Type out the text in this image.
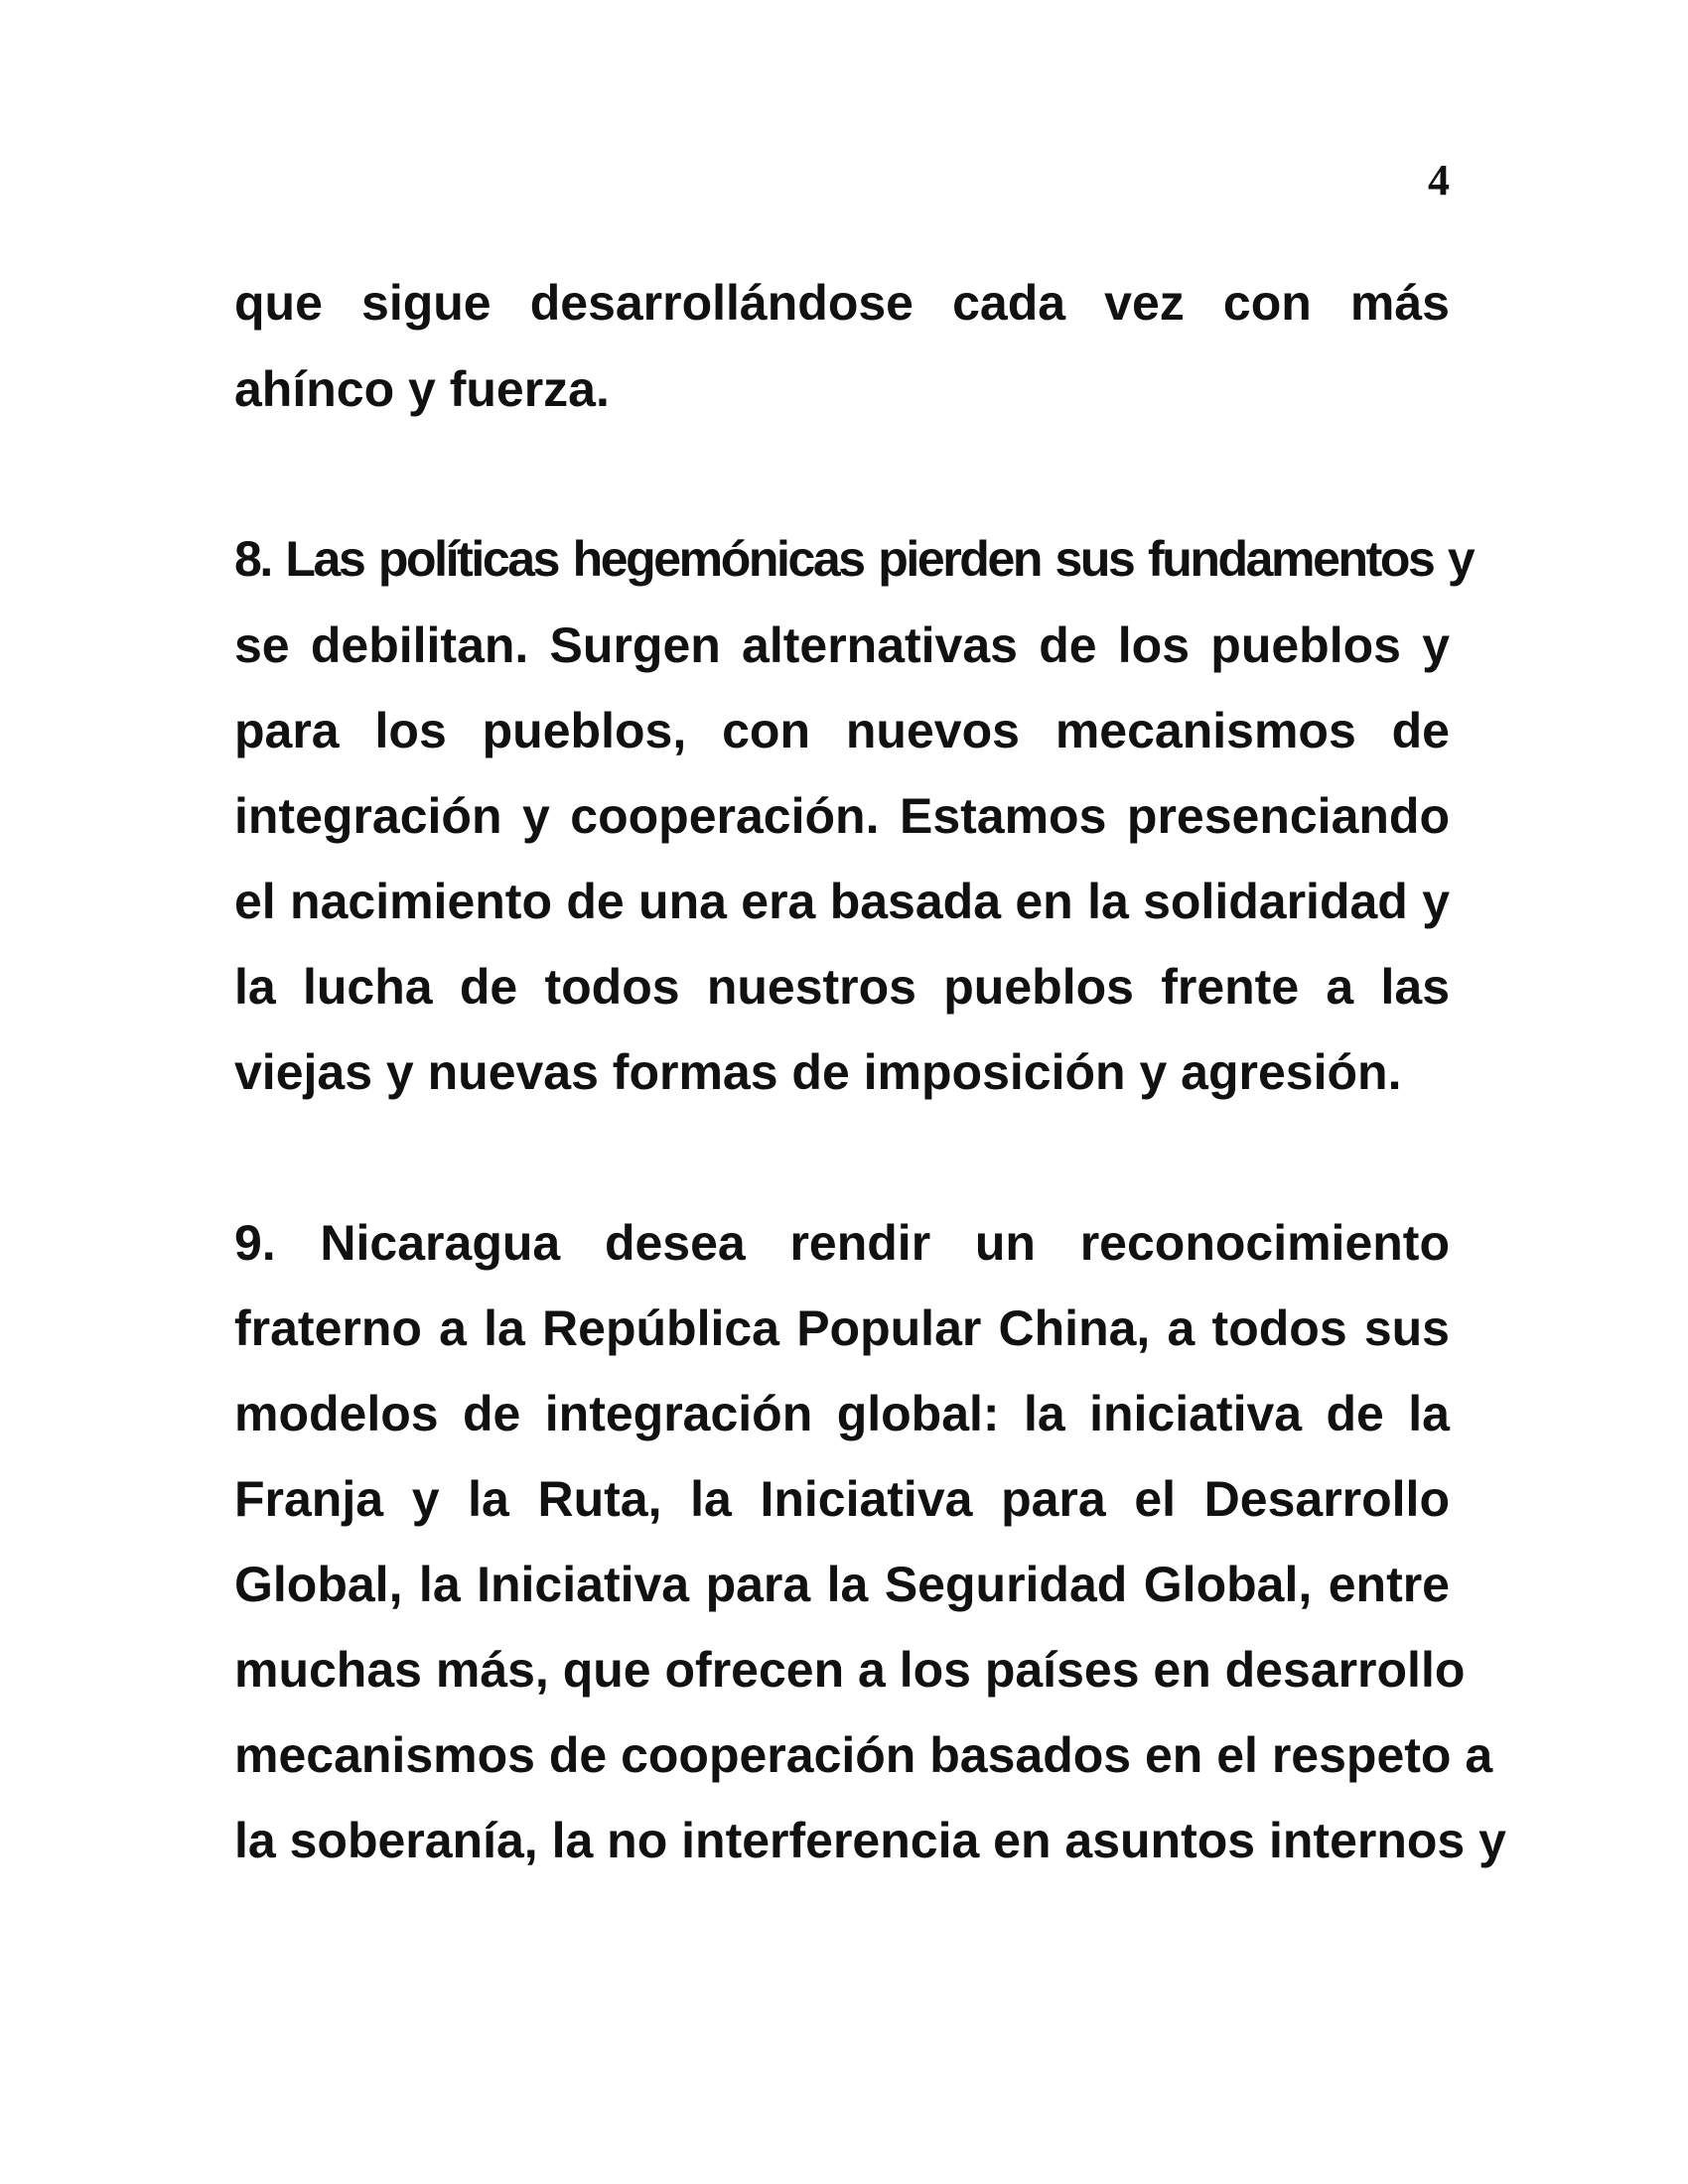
4
que sigue desarrollándose cada vez con más
ahínco y fuerza.
8. Las políticas hegemónicas pierden sus fundamentos y
se debilitan. Surgen alternativas de los pueblos y
para los pueblos, con nuevos mecanismos de
integración y cooperación. Estamos presenciando
el nacimiento de una era basada en la solidaridad y
la lucha de todos nuestros pueblos frente a las
viejas y nuevas formas de imposición y agresión.
9. Nicaragua desea rendir un reconocimiento
fraterno a la República Popular China, a todos sus
modelos de integración global: la iniciativa de la
Franja y la Ruta, la Iniciativa para el Desarrollo
Global, la Iniciativa para la Seguridad Global, entre
muchas más, que ofrecen a los países en desarrollo
mecanismos de cooperación basados en el respeto a
la soberanía, la no interferencia en asuntos internos y
